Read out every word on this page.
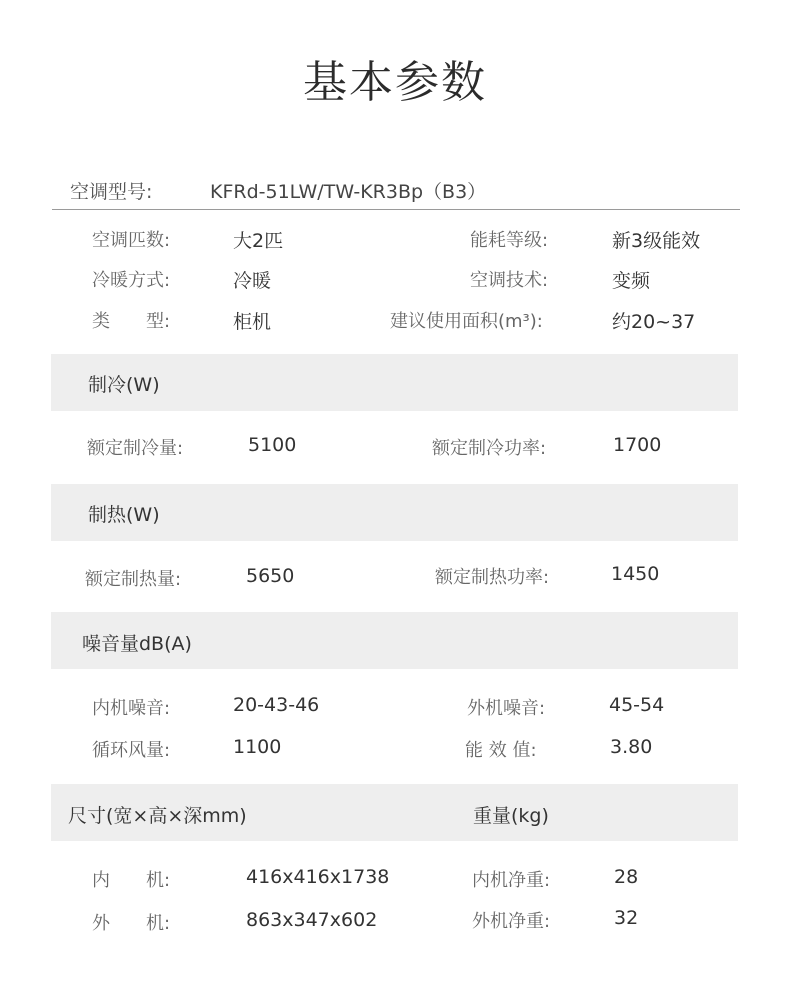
基本参数
空调型号:	KFRd-51LW/TW-KR3Bp（B3）
空调匹数:	大2匹	能耗等级:	新3级能效
冷暖方式:	冷暖	空调技术:	变频
类　　型:	柜机	建议使用面积(m³):	约20~37
制冷(W)
额定制冷量:	5100	额定制冷功率:	1700
制热(W)
额定制热量:	5650	额定制热功率:	1450
噪音量dB(A)
内机噪音:	20-43-46	外机噪音:	45-54
循环风量:	1100	能 效 值:	3.80
尺寸(宽×高×深mm)	重量(kg)
内　　机:	416x416x1738	内机净重:	28
外　　机:	863x347x602	外机净重:	32
